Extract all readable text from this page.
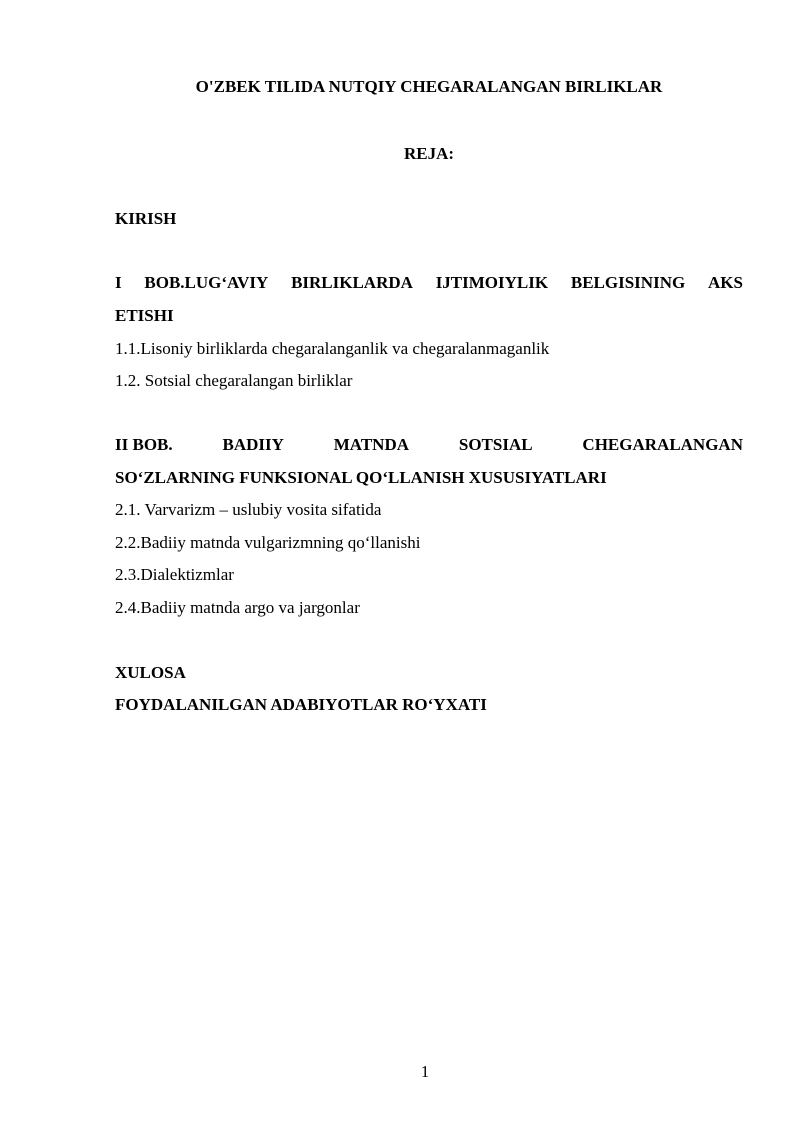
O'ZBEK TILIDA NUTQIY CHEGARALANGAN BIRLIKLAR

REJA:

KIRISH

I BOB.LUG‘AVIY BIRLIKLARDA IJTIMOIYLIK BELGISINING AKS

ETISHI

1.1.Lisoniy birliklarda chegaralanganlik va chegaralanmaganlik

1.2. Sotsial chegaralangan birliklar

II BOB.	BADIIY	MATNDA	SOTSIAL	CHEGARALANGAN

SO‘ZLARNING FUNKSIONAL QO‘LLANISH XUSUSIYATLARI

2.1. Varvarizm – uslubiy vosita sifatida

2.2.Badiiy matnda vulgarizmning qo‘llanishi

2.3.Dialektizmlar

2.4.Badiiy matnda argo va jargonlar

XULOSA

FOYDALANILGAN ADABIYOTLAR RO‘YXATI

1
